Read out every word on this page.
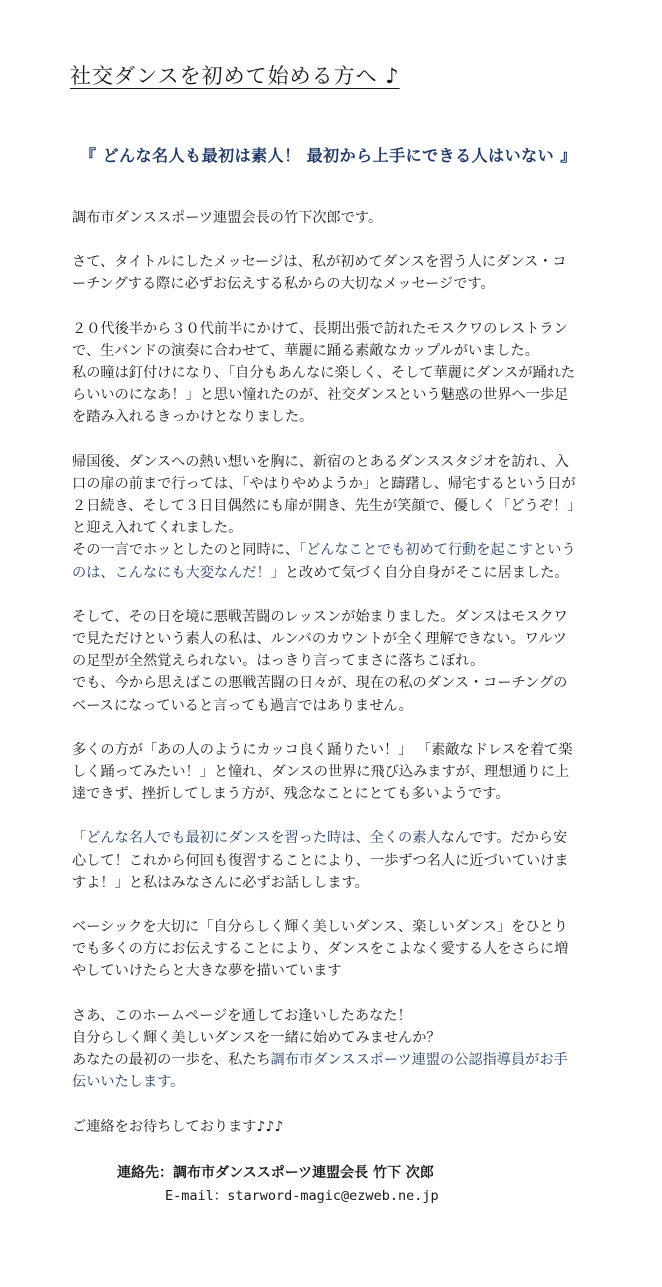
社交ダンスを初めて始める方へ ♪

『 どんな名人も最初は素人！ 最初から上手にできる人はいない 』

調布市ダンススポーツ連盟会長の竹下次郎です。

さて、タイトルにしたメッセージは、私が初めてダンスを習う人にダンス・コ
ーチングする際に必ずお伝えする私からの大切なメッセージです。

２０代後半から３０代前半にかけて、長期出張で訪れたモスクワのレストラン
で、生バンドの演奏に合わせて、華麗に踊る素敵なカップルがいました。
私の瞳は釘付けになり、「自分もあんなに楽しく、そして華麗にダンスが踊れた
らいいのになあ！」と思い憧れたのが、社交ダンスという魅惑の世界へ一歩足
を踏み入れるきっかけとなりました。

帰国後、ダンスへの熱い想いを胸に、新宿のとあるダンススタジオを訪れ、入
口の扉の前まで行っては、「やはりやめようか」と躊躇し、帰宅するという日が
２日続き、そして３日目偶然にも扉が開き、先生が笑顔で、優しく「どうぞ！」
と迎え入れてくれました。
その一言でホッとしたのと同時に、「どんなことでも初めて行動を起こすという
のは、こんなにも大変なんだ！」と改めて気づく自分自身がそこに居ました。

そして、その日を境に悪戦苦闘のレッスンが始まりました。ダンスはモスクワ
で見ただけという素人の私は、ルンバのカウントが全く理解できない。ワルツ
の足型が全然覚えられない。はっきり言ってまさに落ちこぼれ。
でも、今から思えばこの悪戦苦闘の日々が、現在の私のダンス・コーチングの
ベースになっていると言っても過言ではありません。

多くの方が「あの人のようにカッコ良く踊りたい！」 「素敵なドレスを着て楽
しく踊ってみたい！」と憧れ、ダンスの世界に飛び込みますが、理想通りに上
達できず、挫折してしまう方が、残念なことにとても多いようです。

「どんな名人でも最初にダンスを習った時は、全くの素人なんです。だから安
心して！これから何回も復習することにより、一歩ずつ名人に近づいていけま
すよ！」と私はみなさんに必ずお話しします。

ベーシックを大切に「自分らしく輝く美しいダンス、楽しいダンス」をひとり
でも多くの方にお伝えすることにより、ダンスをこよなく愛する人をさらに増
やしていけたらと大きな夢を描いています

さあ、このホームページを通してお逢いしたあなた！
自分らしく輝く美しいダンスを一緒に始めてみませんか？
あなたの最初の一歩を、私たち調布市ダンススポーツ連盟の公認指導員がお手
伝いいたします。

ご連絡をお待ちしております♪♪♪

連絡先：調布市ダンススポーツ連盟会長 竹下 次郎
E-mail：starword-magic@ezweb.ne.jp
